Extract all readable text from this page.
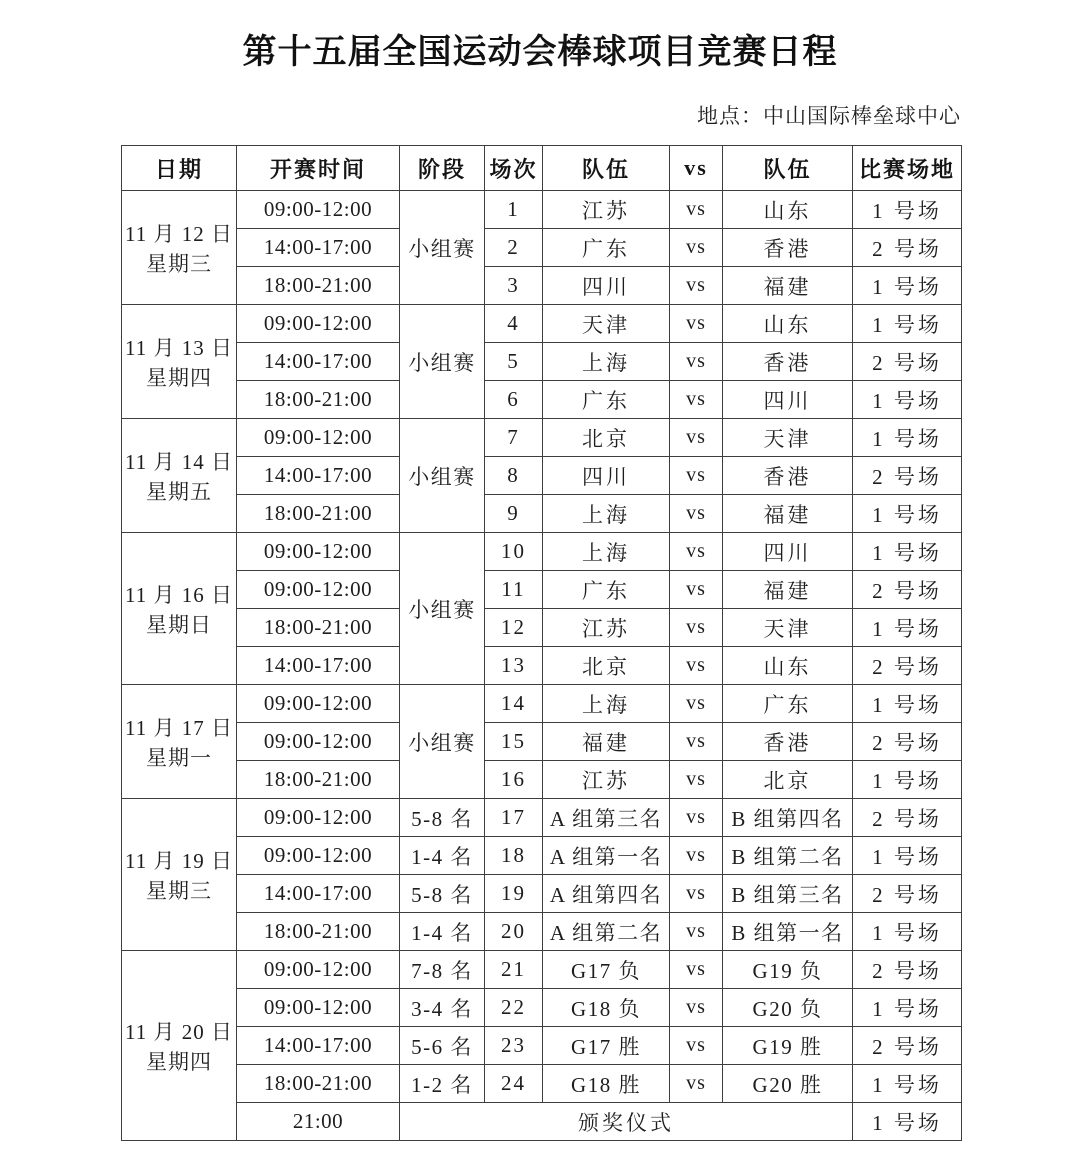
第十五届全国运动会棒球项目竞赛日程
地点：中山国际棒垒球中心
日期	开赛时间	阶段	场次	队伍	vs	队伍	比赛场地

11 月 12 日
星期三	09:00-12:00	小组赛	1	江苏	vs	山东	1 号场
	14:00-17:00		2	广东	vs	香港	2 号场
	18:00-21:00		3	四川	vs	福建	1 号场

11 月 13 日
星期四	09:00-12:00	小组赛	4	天津	vs	山东	1 号场
	14:00-17:00		5	上海	vs	香港	2 号场
	18:00-21:00		6	广东	vs	四川	1 号场

11 月 14 日
星期五	09:00-12:00	小组赛	7	北京	vs	天津	1 号场
	14:00-17:00		8	四川	vs	香港	2 号场
	18:00-21:00		9	上海	vs	福建	1 号场

11 月 16 日
星期日	09:00-12:00	小组赛	10	上海	vs	四川	1 号场
	09:00-12:00		11	广东	vs	福建	2 号场
	18:00-21:00		12	江苏	vs	天津	1 号场
	14:00-17:00		13	北京	vs	山东	2 号场

11 月 17 日
星期一	09:00-12:00	小组赛	14	上海	vs	广东	1 号场
	09:00-12:00		15	福建	vs	香港	2 号场
	18:00-21:00		16	江苏	vs	北京	1 号场

11 月 19 日
星期三	09:00-12:00	5-8 名	17	A 组第三名	vs	B 组第四名	2 号场
	09:00-12:00	1-4 名	18	A 组第一名	vs	B 组第二名	1 号场
	14:00-17:00	5-8 名	19	A 组第四名	vs	B 组第三名	2 号场
	18:00-21:00	1-4 名	20	A 组第二名	vs	B 组第一名	1 号场

11 月 20 日
星期四	09:00-12:00	7-8 名	21	G17 负	vs	G19 负	2 号场
	09:00-12:00	3-4 名	22	G18 负	vs	G20 负	1 号场
	14:00-17:00	5-6 名	23	G17 胜	vs	G19 胜	2 号场
	18:00-21:00	1-2 名	24	G18 胜	vs	G20 胜	1 号场
	21:00	颁奖仪式					1 号场
